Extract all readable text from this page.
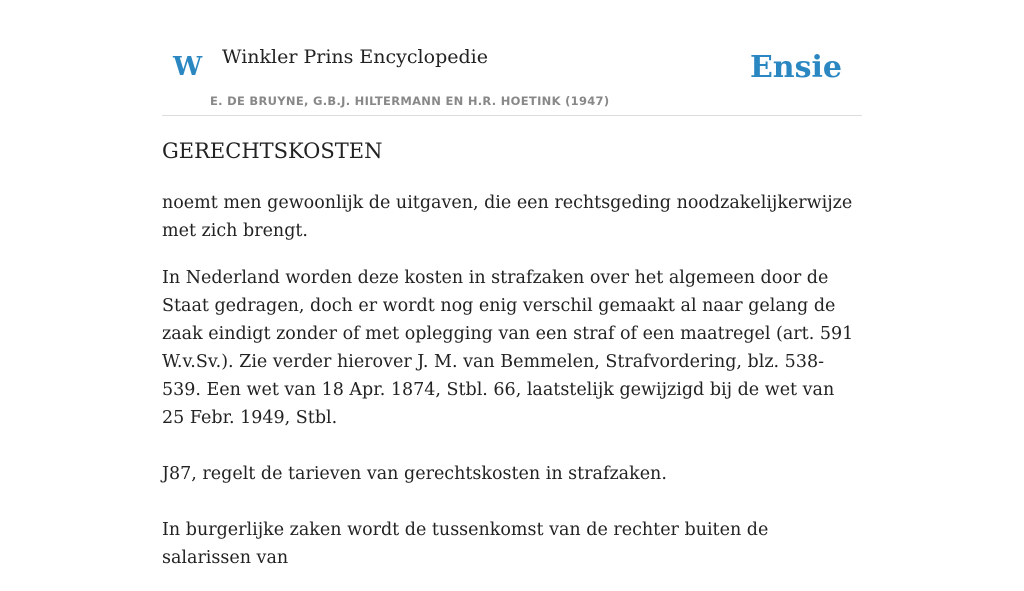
W Winkler Prins Encyclopedie
E. DE BRUYNE, G.B.J. HILTERMANN EN H.R. HOETINK (1947)
Ensie
GERECHTSKOSTEN

noemt men gewoonlijk de uitgaven, die een rechtsgeding noodzakelijkerwijze met zich brengt.

In Nederland worden deze kosten in strafzaken over het algemeen door de Staat gedragen, doch er wordt nog enig verschil gemaakt al naar gelang de zaak eindigt zonder of met oplegging van een straf of een maatregel (art. 591 W.v.Sv.). Zie verder hierover J. M. van Bemmelen, Strafvordering, blz. 538-539. Een wet van 18 Apr. 1874, Stbl. 66, laatstelijk gewijzigd bij de wet van 25 Febr. 1949, Stbl.

J87, regelt de tarieven van gerechtskosten in strafzaken.

In burgerlijke zaken wordt de tussenkomst van de rechter buiten de salarissen van
